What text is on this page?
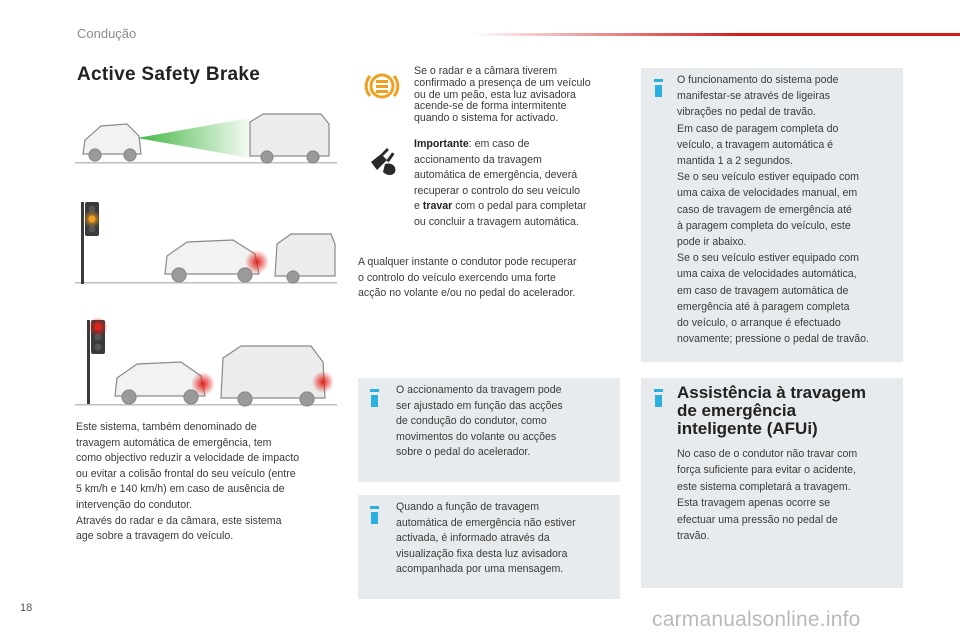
Condução
Active Safety Brake
Este sistema, também denominado de
travagem automática de emergência, tem
como objectivo reduzir a velocidade de impacto
ou evitar a colisão frontal do seu veículo (entre
5 km/h e 140 km/h) em caso de ausência de
intervenção do condutor.
Através do radar e da câmara, este sistema
age sobre a travagem do veículo.
Se o radar e a câmara tiverem
confirmado a presença de um veículo
ou de um peão, esta luz avisadora
acende-se de forma intermitente
quando o sistema for activado.
Importante: em caso de
accionamento da travagem
automática de emergência, deverá
recuperar o controlo do seu veículo
e travar com o pedal para completar
ou concluir a travagem automática.
A qualquer instante o condutor pode recuperar
o controlo do veículo exercendo uma forte
acção no volante e/ou no pedal do acelerador.
O accionamento da travagem pode
ser ajustado em função das acções
de condução do condutor, como
movimentos do volante ou acções
sobre o pedal do acelerador.
Quando a função de travagem
automática de emergência não estiver
activada, é informado através da
visualização fixa desta luz avisadora
acompanhada por uma mensagem.
O funcionamento do sistema pode
manifestar-se através de ligeiras
vibrações no pedal de travão.
Em caso de paragem completa do
veículo, a travagem automática é
mantida 1 a 2 segundos.
Se o seu veículo estiver equipado com
uma caixa de velocidades manual, em
caso de travagem de emergência até
à paragem completa do veículo, este
pode ir abaixo.
Se o seu veículo estiver equipado com
uma caixa de velocidades automática,
em caso de travagem automática de
emergência até à paragem completa
do veículo, o arranque é efectuado
novamente; pressione o pedal de travão.
Assistência à travagem
de emergência
inteligente (AFUi)
No caso de o condutor não travar com
força suficiente para evitar o acidente,
este sistema completará a travagem.
Esta travagem apenas ocorre se
efectuar uma pressão no pedal de
travão.
18	carmanualsonline.info
